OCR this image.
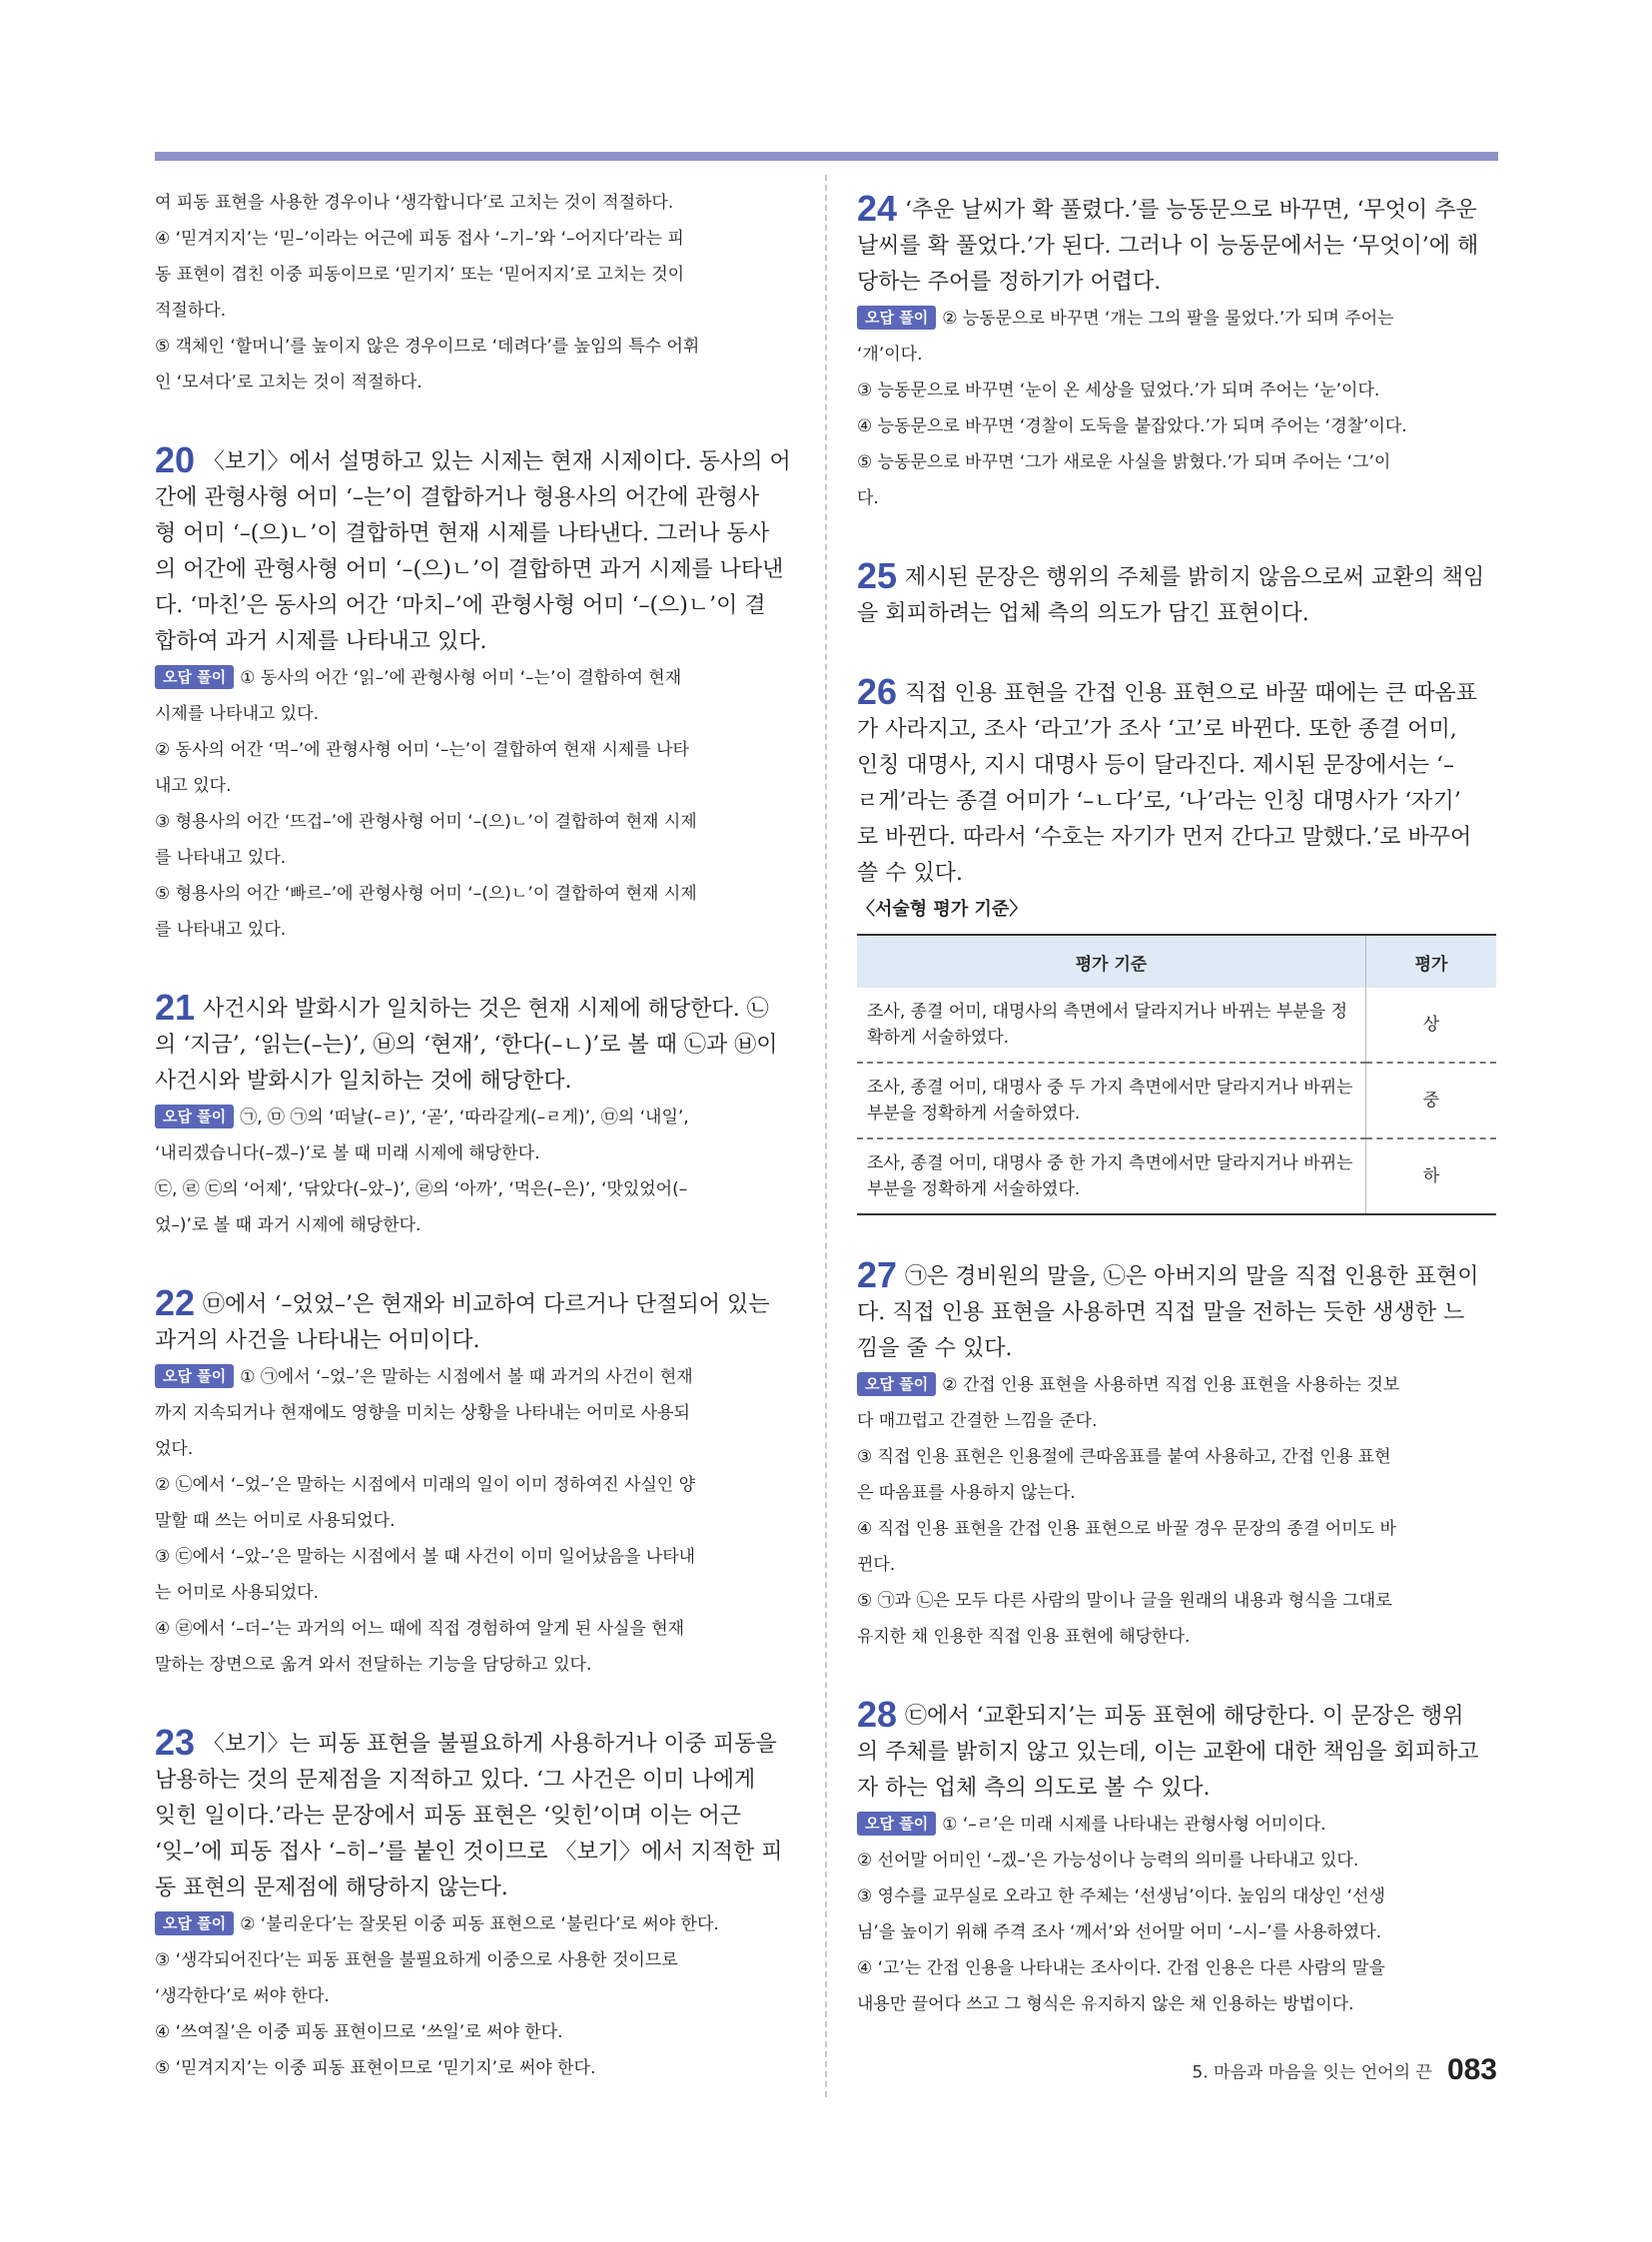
여 피동 표현을 사용한 경우이나 ‘생각합니다’로 고치는 것이 적절하다.
④ ‘믿겨지지’는 ‘믿–’이라는 어근에 피동 접사 ‘–기–’와 ‘–어지다’라는 피
동 표현이 겹친 이중 피동이므로 ‘믿기지’ 또는 ‘믿어지지’로 고치는 것이
적절하다.
⑤ 객체인 ‘할머니’를 높이지 않은 경우이므로 ‘데려다’를 높임의 특수 어휘
인 ‘모셔다’로 고치는 것이 적절하다.
20 〈보기〉에서 설명하고 있는 시제는 현재 시제이다. 동사의 어
간에 관형사형 어미 ‘–는’이 결합하거나 형용사의 어간에 관형사
형 어미 ‘–(으)ㄴ’이 결합하면 현재 시제를 나타낸다. 그러나 동사
의 어간에 관형사형 어미 ‘–(으)ㄴ’이 결합하면 과거 시제를 나타낸
다. ‘마친’은 동사의 어간 ‘마치–’에 관형사형 어미 ‘–(으)ㄴ’이 결
합하여 과거 시제를 나타내고 있다.
오답 풀이 ① 동사의 어간 ‘읽–’에 관형사형 어미 ‘–는’이 결합하여 현재
시제를 나타내고 있다.
② 동사의 어간 ‘먹–’에 관형사형 어미 ‘–는’이 결합하여 현재 시제를 나타
내고 있다.
③ 형용사의 어간 ‘뜨겁–’에 관형사형 어미 ‘–(으)ㄴ’이 결합하여 현재 시제
를 나타내고 있다.
⑤ 형용사의 어간 ‘빠르–’에 관형사형 어미 ‘–(으)ㄴ’이 결합하여 현재 시제
를 나타내고 있다.
21 사건시와 발화시가 일치하는 것은 현재 시제에 해당한다. ㉡
의 ‘지금’, ‘읽는(–는)’, ㉥의 ‘현재’, ‘한다(–ㄴ)’로 볼 때 ㉡과 ㉥이
사건시와 발화시가 일치하는 것에 해당한다.
오답 풀이 ㉠, ㉤ ㉠의 ‘떠날(–ㄹ)’, ‘곧’, ‘따라갈게(–ㄹ게)’, ㉤의 ‘내일’,
‘내리겠습니다(–겠–)’로 볼 때 미래 시제에 해당한다.
㉢, ㉣ ㉢의 ‘어제’, ‘닦았다(–았–)’, ㉣의 ‘아까’, ‘먹은(–은)’, ‘맛있었어(–
었–)’로 볼 때 과거 시제에 해당한다.
22 ㉤에서 ‘–었었–’은 현재와 비교하여 다르거나 단절되어 있는
과거의 사건을 나타내는 어미이다.
오답 풀이 ① ㉠에서 ‘–었–’은 말하는 시점에서 볼 때 과거의 사건이 현재
까지 지속되거나 현재에도 영향을 미치는 상황을 나타내는 어미로 사용되
었다.
② ㉡에서 ‘–었–’은 말하는 시점에서 미래의 일이 이미 정하여진 사실인 양
말할 때 쓰는 어미로 사용되었다.
③ ㉢에서 ‘–았–’은 말하는 시점에서 볼 때 사건이 이미 일어났음을 나타내
는 어미로 사용되었다.
④ ㉣에서 ‘–더–’는 과거의 어느 때에 직접 경험하여 알게 된 사실을 현재
말하는 장면으로 옮겨 와서 전달하는 기능을 담당하고 있다.
23 〈보기〉는 피동 표현을 불필요하게 사용하거나 이중 피동을
남용하는 것의 문제점을 지적하고 있다. ‘그 사건은 이미 나에게
잊힌 일이다.’라는 문장에서 피동 표현은 ‘잊힌’이며 이는 어근
‘잊–’에 피동 접사 ‘–히–’를 붙인 것이므로 〈보기〉에서 지적한 피
동 표현의 문제점에 해당하지 않는다.
오답 풀이 ② ‘불리운다’는 잘못된 이중 피동 표현으로 ‘불린다’로 써야 한다.
③ ‘생각되어진다’는 피동 표현을 불필요하게 이중으로 사용한 것이므로
‘생각한다’로 써야 한다.
④ ‘쓰여질’은 이중 피동 표현이므로 ‘쓰일’로 써야 한다.
⑤ ‘믿겨지지’는 이중 피동 표현이므로 ‘믿기지’로 써야 한다.
24 ‘추운 날씨가 확 풀렸다.’를 능동문으로 바꾸면, ‘무엇이 추운
날씨를 확 풀었다.’가 된다. 그러나 이 능동문에서는 ‘무엇이’에 해
당하는 주어를 정하기가 어렵다.
오답 풀이 ② 능동문으로 바꾸면 ‘개는 그의 팔을 물었다.’가 되며 주어는
‘개’이다.
③ 능동문으로 바꾸면 ‘눈이 온 세상을 덮었다.’가 되며 주어는 ‘눈’이다.
④ 능동문으로 바꾸면 ‘경찰이 도둑을 붙잡았다.’가 되며 주어는 ‘경찰’이다.
⑤ 능동문으로 바꾸면 ‘그가 새로운 사실을 밝혔다.’가 되며 주어는 ‘그’이
다.
25 제시된 문장은 행위의 주체를 밝히지 않음으로써 교환의 책임
을 회피하려는 업체 측의 의도가 담긴 표현이다.
26 직접 인용 표현을 간접 인용 표현으로 바꿀 때에는 큰 따옴표
가 사라지고, 조사 ‘라고’가 조사 ‘고’로 바뀐다. 또한 종결 어미,
인칭 대명사, 지시 대명사 등이 달라진다. 제시된 문장에서는 ‘–
ㄹ게’라는 종결 어미가 ‘–ㄴ다’로, ‘나’라는 인칭 대명사가 ‘자기’
로 바뀐다. 따라서 ‘수호는 자기가 먼저 간다고 말했다.’로 바꾸어
쓸 수 있다.
〈서술형 평가 기준〉
평가 기준	평가
조사, 종결 어미, 대명사의 측면에서 달라지거나 바뀌는 부분을 정확하게 서술하였다.	상
조사, 종결 어미, 대명사 중 두 가지 측면에서만 달라지거나 바뀌는 부분을 정확하게 서술하였다.	중
조사, 종결 어미, 대명사 중 한 가지 측면에서만 달라지거나 바뀌는 부분을 정확하게 서술하였다.	하
27 ㉠은 경비원의 말을, ㉡은 아버지의 말을 직접 인용한 표현이
다. 직접 인용 표현을 사용하면 직접 말을 전하는 듯한 생생한 느
낌을 줄 수 있다.
오답 풀이 ② 간접 인용 표현을 사용하면 직접 인용 표현을 사용하는 것보
다 매끄럽고 간결한 느낌을 준다.
③ 직접 인용 표현은 인용절에 큰따옴표를 붙여 사용하고, 간접 인용 표현
은 따옴표를 사용하지 않는다.
④ 직접 인용 표현을 간접 인용 표현으로 바꿀 경우 문장의 종결 어미도 바
뀐다.
⑤ ㉠과 ㉡은 모두 다른 사람의 말이나 글을 원래의 내용과 형식을 그대로
유지한 채 인용한 직접 인용 표현에 해당한다.
28 ㉢에서 ‘교환되지’는 피동 표현에 해당한다. 이 문장은 행위
의 주체를 밝히지 않고 있는데, 이는 교환에 대한 책임을 회피하고
자 하는 업체 측의 의도로 볼 수 있다.
오답 풀이 ① ‘–ㄹ’은 미래 시제를 나타내는 관형사형 어미이다.
② 선어말 어미인 ‘–겠–’은 가능성이나 능력의 의미를 나타내고 있다.
③ 영수를 교무실로 오라고 한 주체는 ‘선생님’이다. 높임의 대상인 ‘선생
님’을 높이기 위해 주격 조사 ‘께서’와 선어말 어미 ‘–시–’를 사용하였다.
④ ‘고’는 간접 인용을 나타내는 조사이다. 간접 인용은 다른 사람의 말을
내용만 끌어다 쓰고 그 형식은 유지하지 않은 채 인용하는 방법이다.
5. 마음과 마음을 잇는 언어의 끈 083
